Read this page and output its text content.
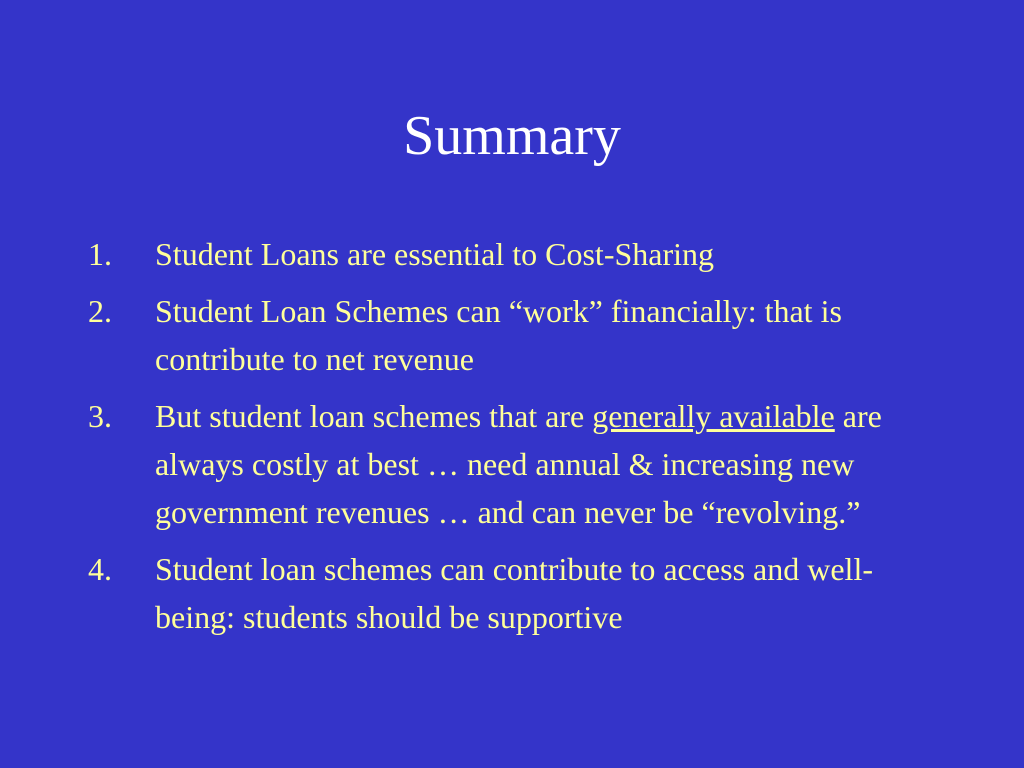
Summary
1. Student Loans are essential to Cost-Sharing
2. Student Loan Schemes can “work” financially: that is contribute to net revenue
3. But student loan schemes that are generally available are always costly at best … need annual & increasing new government revenues … and can never be “revolving.”
4. Student loan schemes can contribute to access and well-being: students should be supportive
